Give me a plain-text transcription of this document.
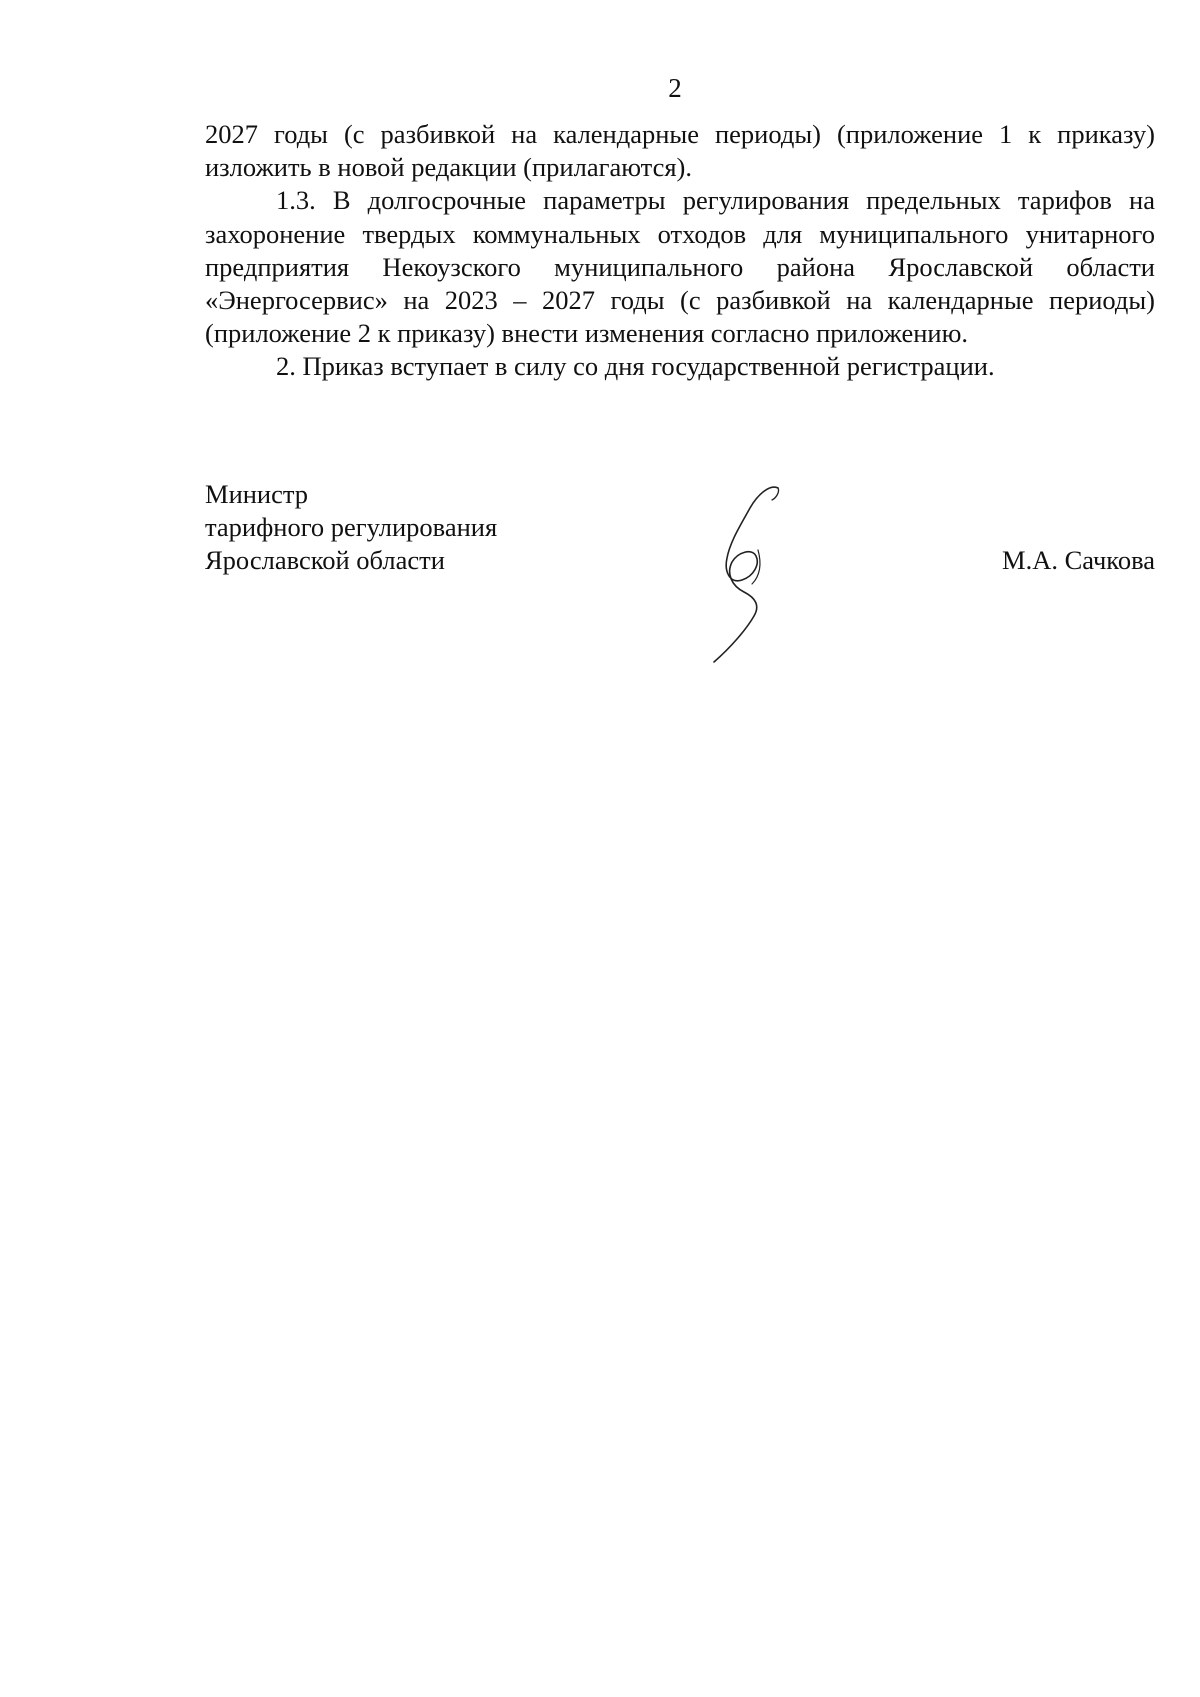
2

2027 годы (с разбивкой на календарные периоды) (приложение 1 к приказу) изложить в новой редакции (прилагаются).

1.3. В долгосрочные параметры регулирования предельных тарифов на захоронение твердых коммунальных отходов для муниципального унитарного предприятия Некоузского муниципального района Ярославской области «Энергосервис» на 2023 – 2027 годы (с разбивкой на календарные периоды) (приложение 2 к приказу) внести изменения согласно приложению.

2. Приказ вступает в силу со дня государственной регистрации.

Министр
тарифного регулирования
Ярославской области	М.А. Сачкова
